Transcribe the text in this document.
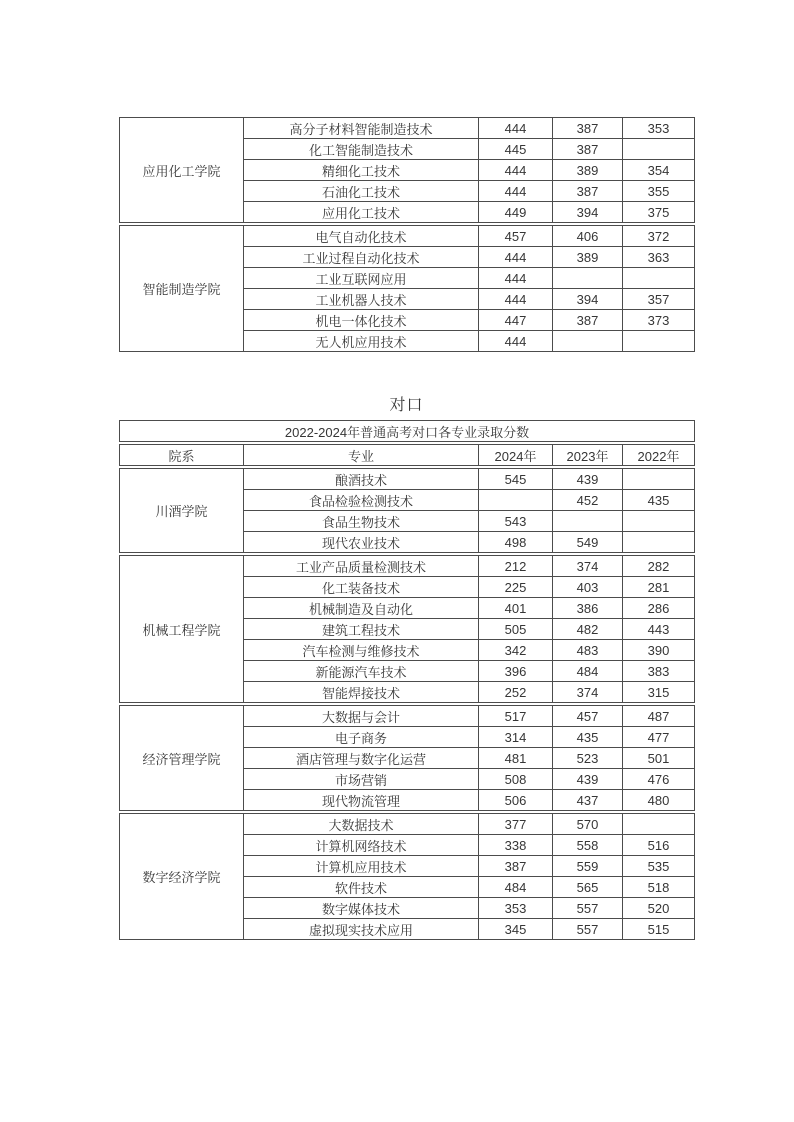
应用化工学院	高分子材料智能制造技术	444	387	353
	化工智能制造技术	445	387	
	精细化工技术	444	389	354
	石油化工技术	444	387	355
	应用化工技术	449	394	375
智能制造学院	电气自动化技术	457	406	372
	工业过程自动化技术	444	389	363
	工业互联网应用	444		
	工业机器人技术	444	394	357
	机电一体化技术	447	387	373
	无人机应用技术	444		
对口
2022-2024年普通高考对口各专业录取分数
院系	专业	2024年	2023年	2022年
川酒学院	酿酒技术	545	439	
	食品检验检测技术		452	435
	食品生物技术	543		
	现代农业技术	498	549	
机械工程学院	工业产品质量检测技术	212	374	282
	化工装备技术	225	403	281
	机械制造及自动化	401	386	286
	建筑工程技术	505	482	443
	汽车检测与维修技术	342	483	390
	新能源汽车技术	396	484	383
	智能焊接技术	252	374	315
经济管理学院	大数据与会计	517	457	487
	电子商务	314	435	477
	酒店管理与数字化运营	481	523	501
	市场营销	508	439	476
	现代物流管理	506	437	480
数字经济学院	大数据技术	377	570	
	计算机网络技术	338	558	516
	计算机应用技术	387	559	535
	软件技术	484	565	518
	数字媒体技术	353	557	520
	虚拟现实技术应用	345	557	515
